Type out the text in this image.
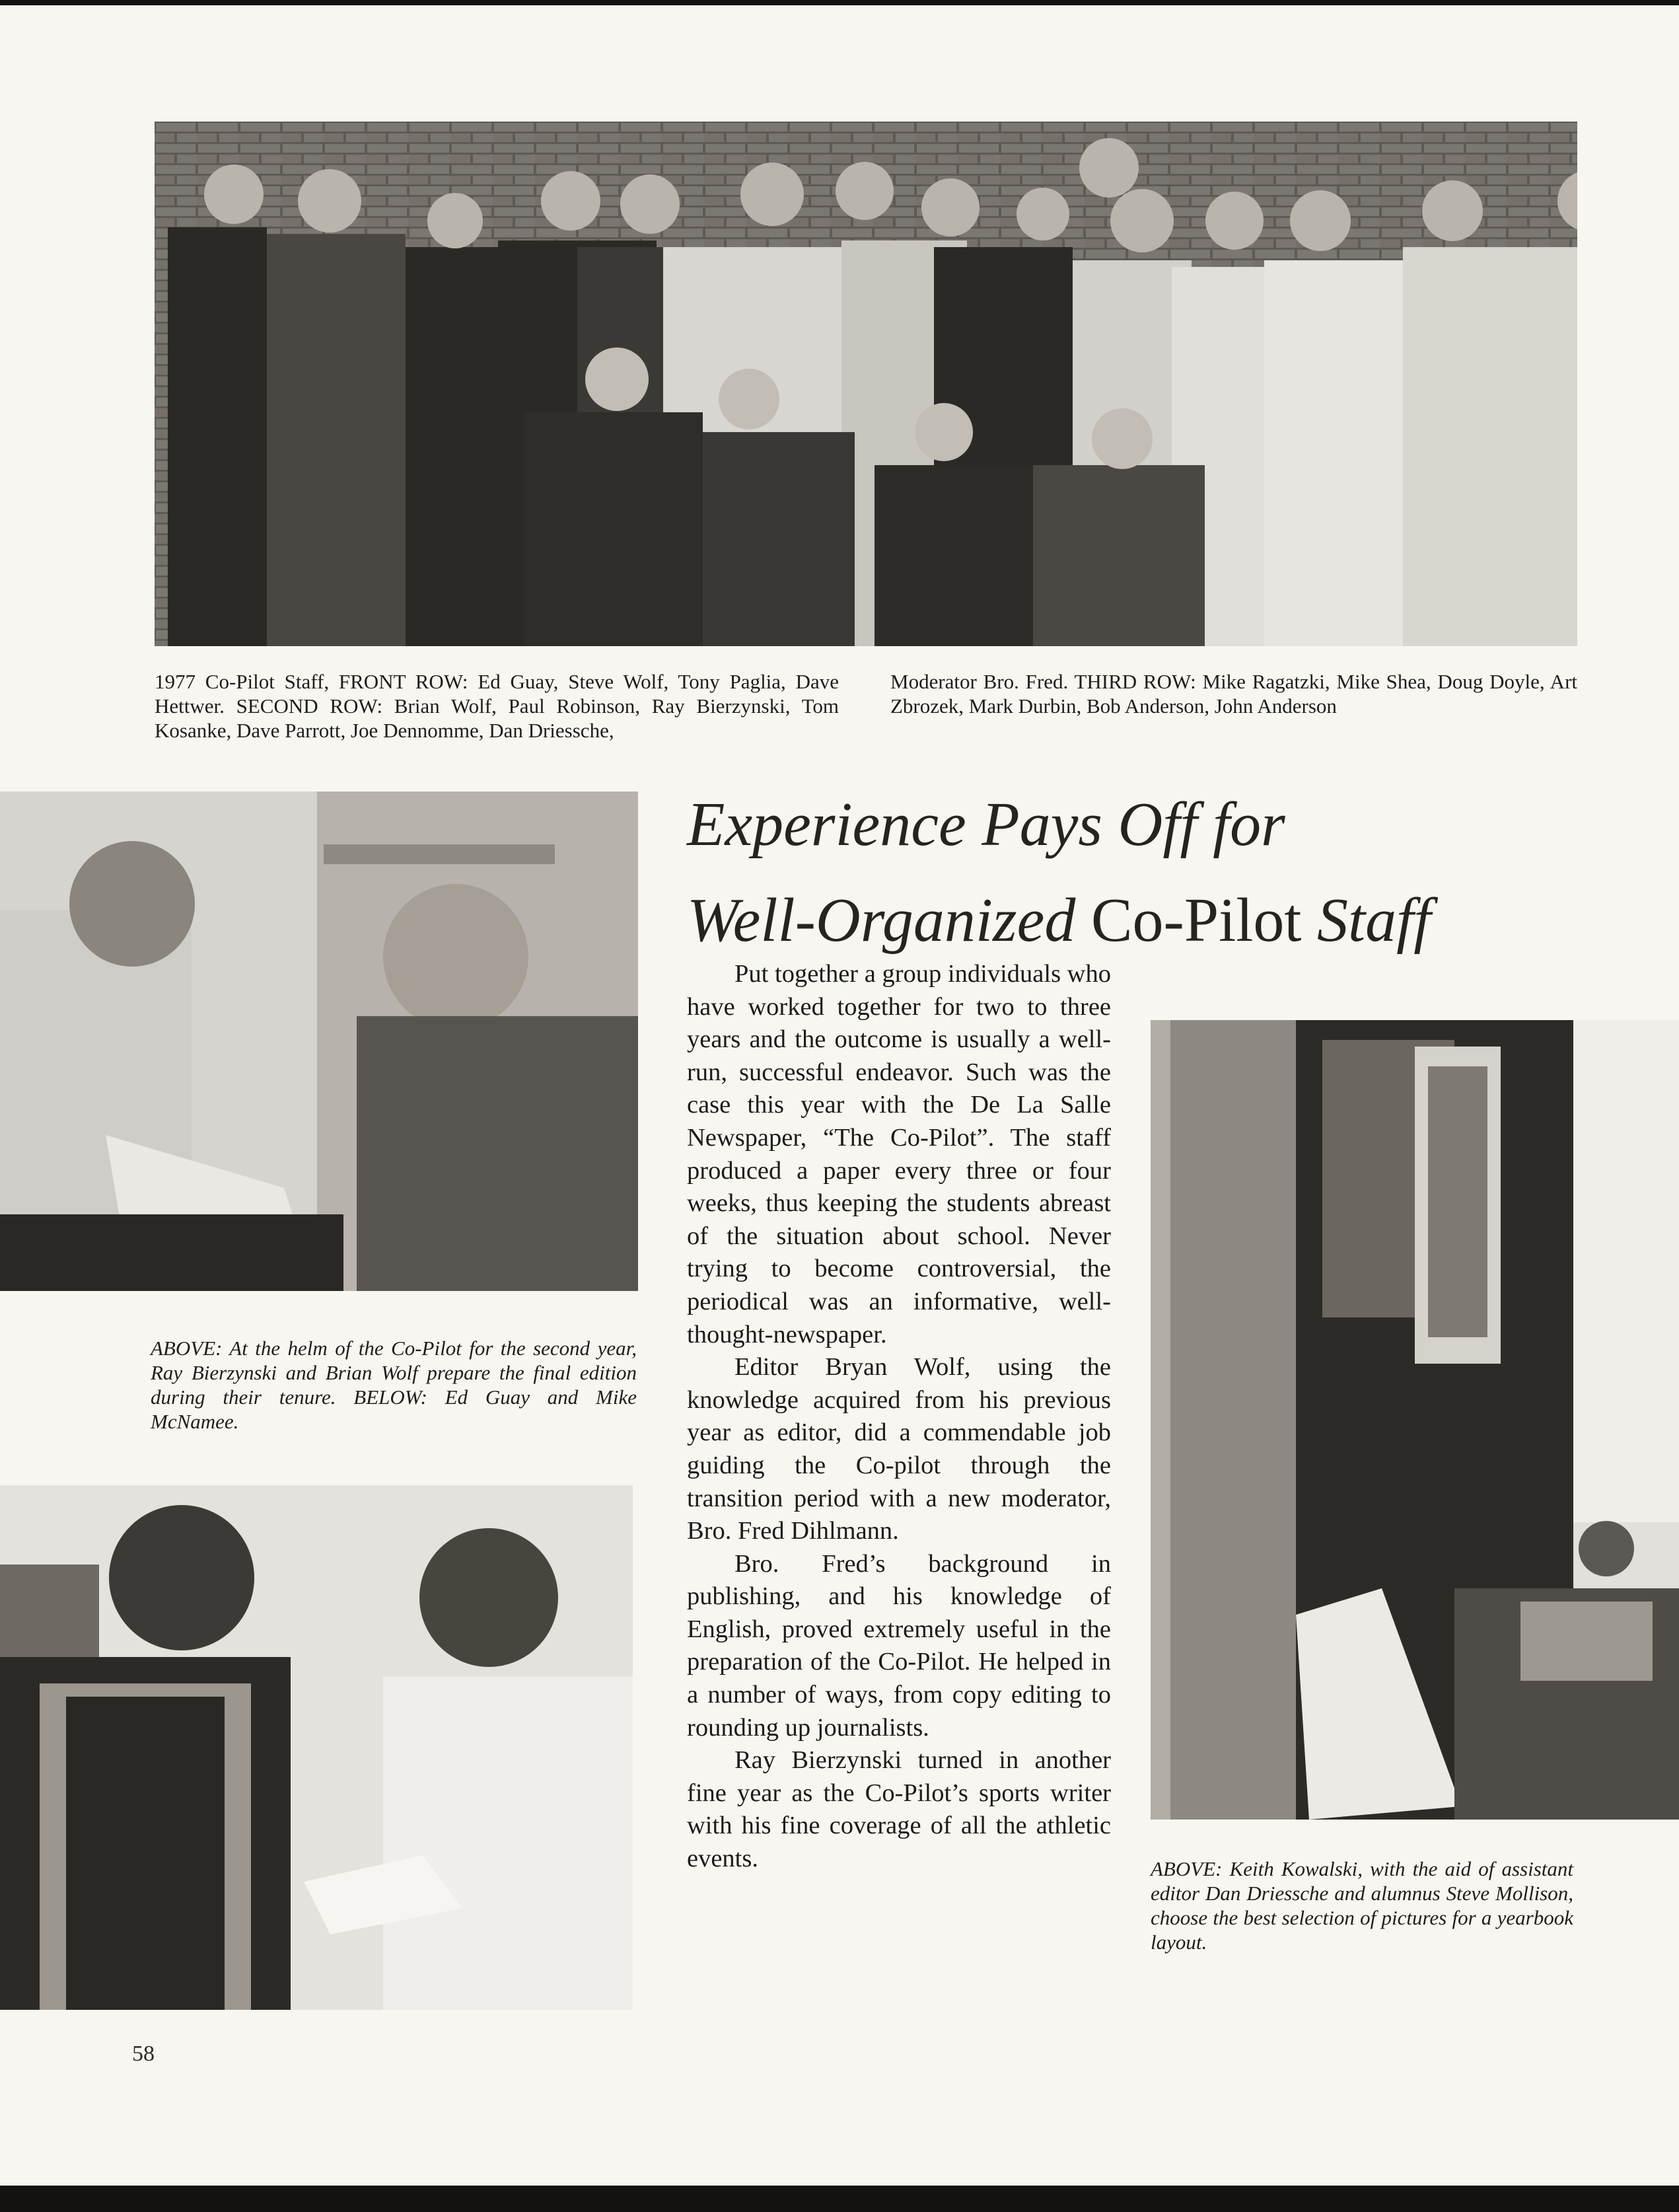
1977 Co-Pilot Staff, FRONT ROW: Ed Guay, Steve Wolf, Tony Paglia, Dave Hettwer. SECOND ROW: Brian Wolf, Paul Robinson, Ray Bierzynski, Tom Kosanke, Dave Parrott, Joe Dennomme, Dan Driessche,
Moderator Bro. Fred. THIRD ROW: Mike Ragatzki, Mike Shea, Doug Doyle, Art Zbrozek, Mark Durbin, Bob Anderson, John Anderson
ABOVE: At the helm of the Co-Pilot for the second year, Ray Bierzynski and Brian Wolf prepare the final edition during their tenure. BELOW: Ed Guay and Mike McNamee.
Experience Pays Off for
Well-Organized Co-Pilot Staff

Put together a group individuals who have worked together for two to three years and the outcome is usually a well-run, successful endeavor. Such was the case this year with the De La Salle Newspaper, “The Co-Pilot”. The staff produced a paper every three or four weeks, thus keeping the students abreast of the situation about school. Never trying to become controversial, the periodical was an informative, well-thought-newspaper.

Editor Bryan Wolf, using the knowledge acquired from his previous year as editor, did a commendable job guiding the Co-pilot through the transition period with a new moderator, Bro. Fred Dihlmann.

Bro. Fred’s background in publishing, and his knowledge of English, proved extremely useful in the preparation of the Co-Pilot. He helped in a number of ways, from copy editing to rounding up journalists.

Ray Bierzynski turned in another fine year as the Co-Pilot’s sports writer with his fine coverage of all the athletic events.	ABOVE: Keith Kowalski, with the aid of assistant editor Dan Driessche and alumnus Steve Mollison, choose the best selection of pictures for a yearbook layout.
58
